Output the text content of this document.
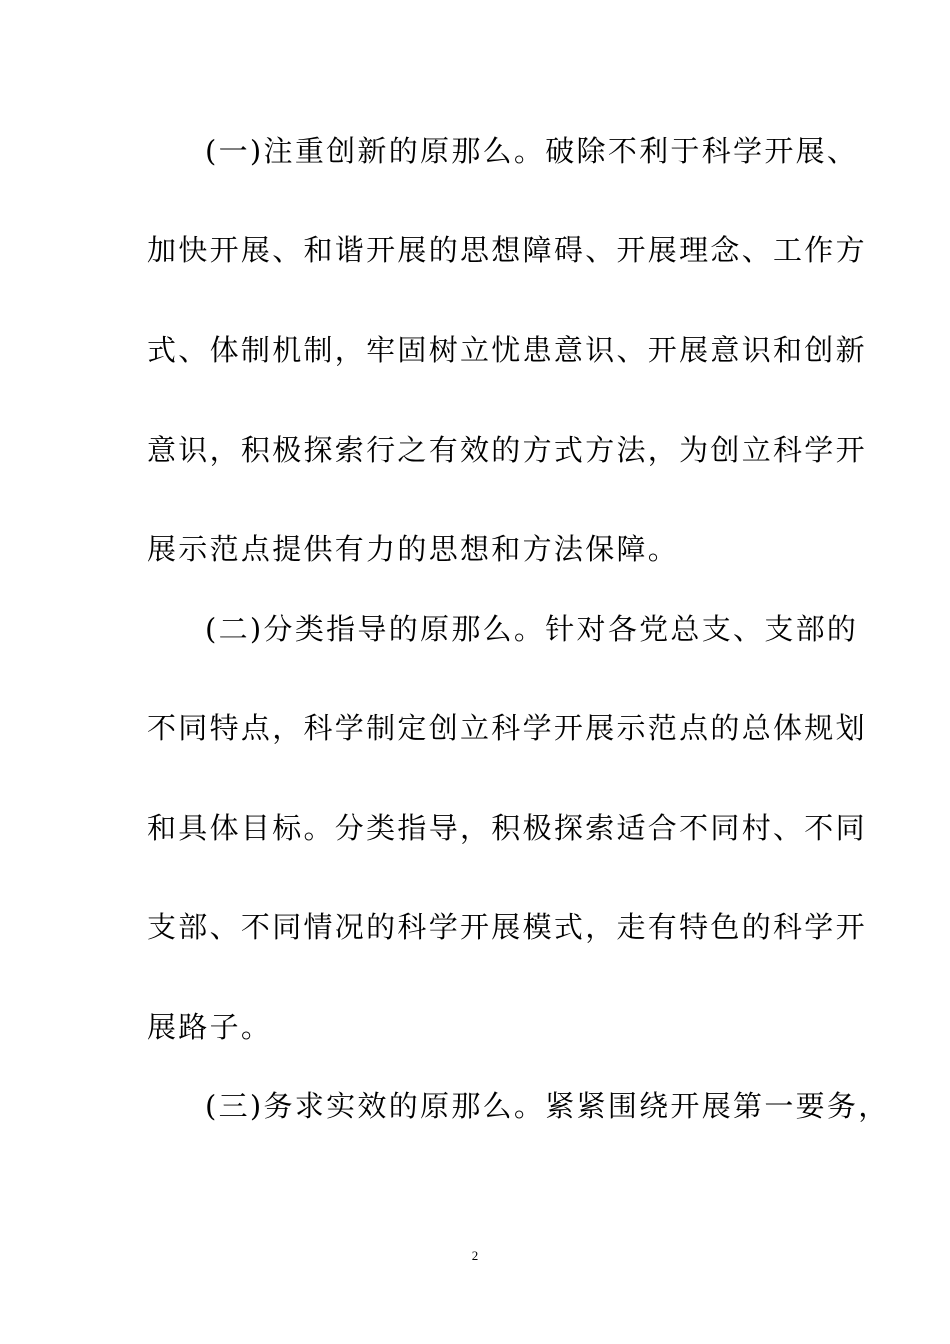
(一)注重创新的原那么。破除不利于科学开展、
加快开展、和谐开展的思想障碍、开展理念、工作方
式、体制机制，牢固树立忧患意识、开展意识和创新
意识，积极探索行之有效的方式方法，为创立科学开
展示范点提供有力的思想和方法保障。
(二)分类指导的原那么。针对各党总支、支部的
不同特点，科学制定创立科学开展示范点的总体规划
和具体目标。分类指导，积极探索适合不同村、不同
支部、不同情况的科学开展模式，走有特色的科学开
展路子。
(三)务求实效的原那么。紧紧围绕开展第一要务，
2
